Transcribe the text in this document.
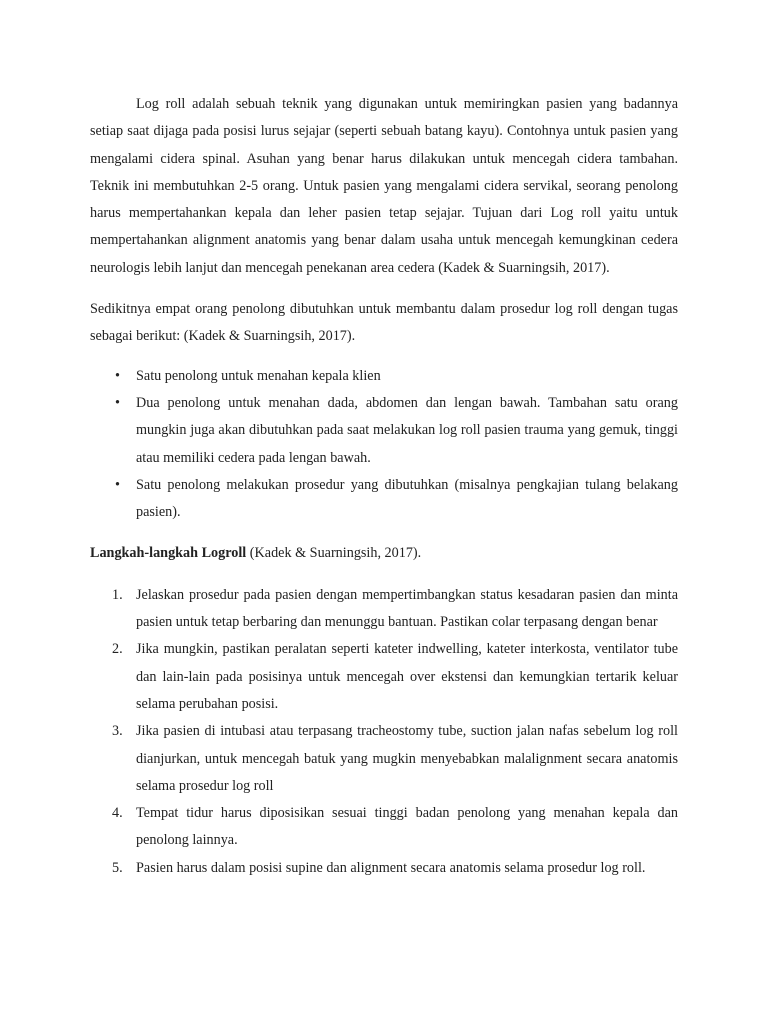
Log roll adalah sebuah teknik yang digunakan untuk memiringkan pasien yang badannya setiap saat dijaga pada posisi lurus sejajar (seperti sebuah batang kayu). Contohnya untuk pasien yang mengalami cidera spinal. Asuhan yang benar harus dilakukan untuk mencegah cidera tambahan. Teknik ini membutuhkan 2-5 orang. Untuk pasien yang mengalami cidera servikal, seorang penolong harus mempertahankan kepala dan leher pasien tetap sejajar. Tujuan dari Log roll yaitu untuk mempertahankan alignment anatomis yang benar dalam usaha untuk mencegah kemungkinan cedera neurologis lebih lanjut dan mencegah penekanan area cedera (Kadek & Suarningsih, 2017).

Sedikitnya empat orang penolong dibutuhkan untuk membantu dalam prosedur log roll dengan tugas sebagai berikut: (Kadek & Suarningsih, 2017).

• Satu penolong untuk menahan kepala klien
• Dua penolong untuk menahan dada, abdomen dan lengan bawah. Tambahan satu orang mungkin juga akan dibutuhkan pada saat melakukan log roll pasien trauma yang gemuk, tinggi atau memiliki cedera pada lengan bawah.
• Satu penolong melakukan prosedur yang dibutuhkan (misalnya pengkajian tulang belakang pasien).

Langkah-langkah Logroll (Kadek & Suarningsih, 2017).

1. Jelaskan prosedur pada pasien dengan mempertimbangkan status kesadaran pasien dan minta pasien untuk tetap berbaring dan menunggu bantuan. Pastikan colar terpasang dengan benar
2. Jika mungkin, pastikan peralatan seperti kateter indwelling, kateter interkosta, ventilator tube dan lain-lain pada posisinya untuk mencegah over ekstensi dan kemungkian tertarik keluar selama perubahan posisi.
3. Jika pasien di intubasi atau terpasang tracheostomy tube, suction jalan nafas sebelum log roll dianjurkan, untuk mencegah batuk yang mugkin menyebabkan malalignment secara anatomis selama prosedur log roll
4. Tempat tidur harus diposisikan sesuai tinggi badan penolong yang menahan kepala dan penolong lainnya.
5. Pasien harus dalam posisi supine dan alignment secara anatomis selama prosedur log roll.
